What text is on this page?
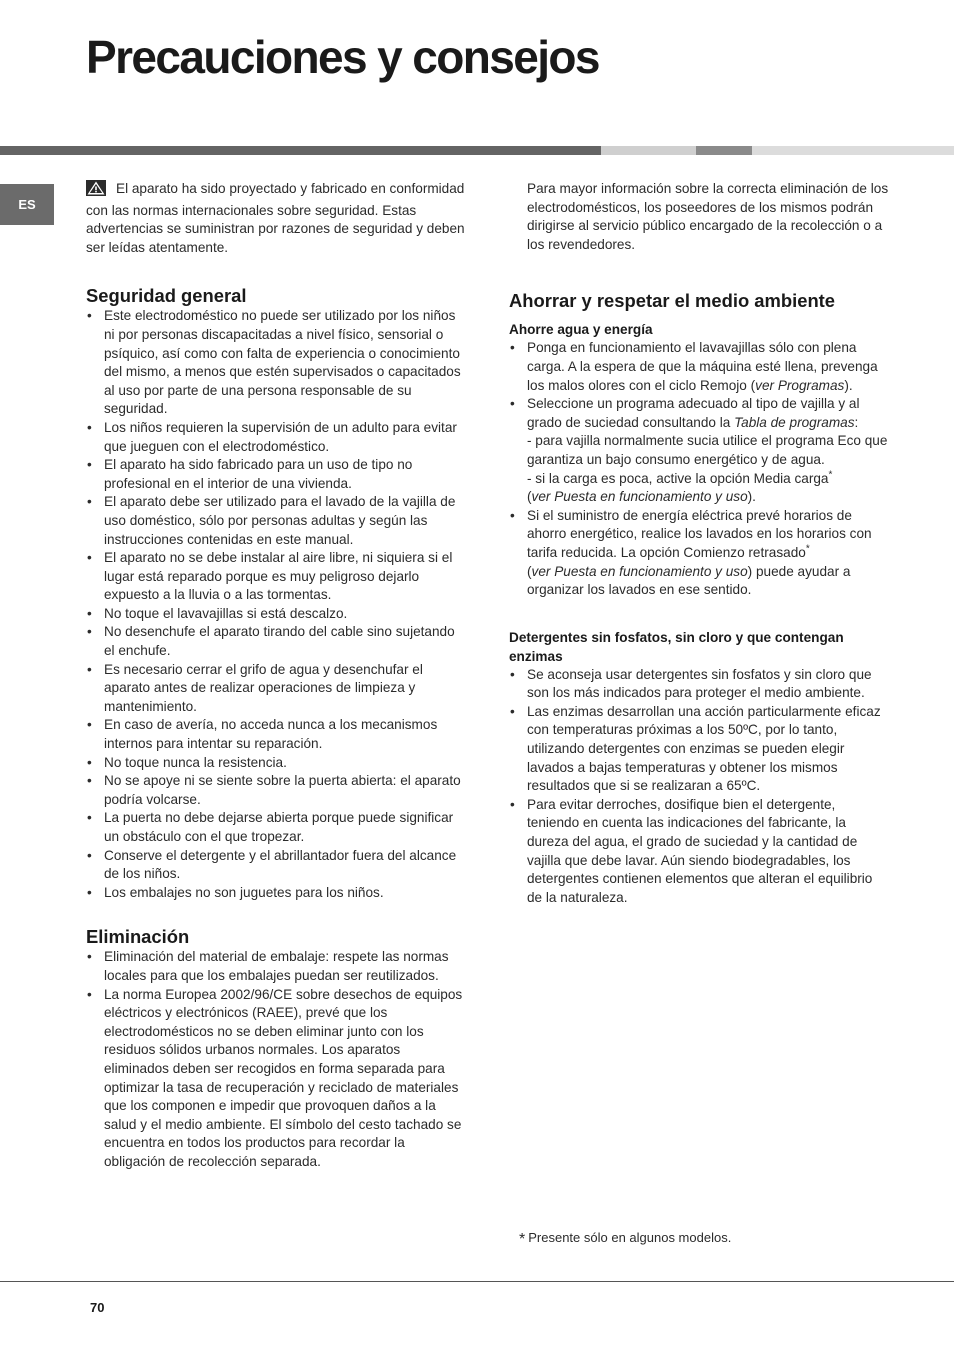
Precauciones y consejos
ES

El aparato ha sido proyectado y fabricado en conformidad con las normas internacionales sobre seguridad. Estas advertencias se suministran por razones de seguridad y deben ser leídas atentamente.

Seguridad general
• Este electrodoméstico no puede ser utilizado por los niños ni por personas discapacitadas a nivel físico, sensorial o psíquico, así como con falta de experiencia o conocimiento del mismo, a menos que estén supervisados o capacitados al uso por parte de una persona responsable de su seguridad.
• Los niños requieren la supervisión de un adulto para evitar que jueguen con el electrodoméstico.
• El aparato ha sido fabricado para un uso de tipo no profesional en el interior de una vivienda.
• El aparato debe ser utilizado para el lavado de la vajilla de uso doméstico, sólo por personas adultas y según las instrucciones contenidas en este manual.
• El aparato no se debe instalar al aire libre, ni siquiera si el lugar está reparado porque es muy peligroso dejarlo expuesto a la lluvia o a las tormentas.
• No toque el lavavajillas si está descalzo.
• No desenchufe el aparato tirando del cable sino sujetando el enchufe.
• Es necesario cerrar el grifo de agua y desenchufar el aparato antes de realizar operaciones de limpieza y mantenimiento.
• En caso de avería, no acceda nunca a los mecanismos internos para intentar su reparación.
• No toque nunca la resistencia.
• No se apoye ni se siente sobre la puerta abierta: el aparato podría volcarse.
• La puerta no debe dejarse abierta porque puede significar un obstáculo con el que tropezar.
• Conserve el detergente y el abrillantador fuera del alcance de los niños.
• Los embalajes no son juguetes para los niños.
Eliminación
• Eliminación del material de embalaje: respete las normas locales para que los embalajes puedan ser reutilizados.
• La norma Europea 2002/96/CE sobre desechos de equipos eléctricos y electrónicos (RAEE), prevé que los electrodomésticos no se deben eliminar junto con los residuos sólidos urbanos normales. Los aparatos eliminados deben ser recogidos en forma separada para optimizar la tasa de recuperación y reciclado de materiales que los componen e impedir que provoquen daños a la salud y el medio ambiente. El símbolo del cesto tachado se encuentra en todos los productos para recordar la obligación de recolección separada.

Para mayor información sobre la correcta eliminación de los electrodomésticos, los poseedores de los mismos podrán dirigirse al servicio público encargado de la recolección o a los revendedores.

Ahorrar y respetar el medio ambiente
Ahorre agua y energía
• Ponga en funcionamiento el lavavajillas sólo con plena carga. A la espera de que la máquina esté llena, prevenga los malos olores con el ciclo Remojo (ver Programas).
• Seleccione un programa adecuado al tipo de vajilla y al grado de suciedad consultando la Tabla de programas:
- para vajilla normalmente sucia utilice el programa Eco que garantiza un bajo consumo energético y de agua.
- si la carga es poca, active la opción Media carga*
(ver Puesta en funcionamiento y uso).
• Si el suministro de energía eléctrica prevé horarios de ahorro energético, realice los lavados en los horarios con tarifa reducida. La opción Comienzo retrasado*
(ver Puesta en funcionamiento y uso) puede ayudar a organizar los lavados en ese sentido.
Detergentes sin fosfatos, sin cloro y que contengan enzimas
• Se aconseja usar detergentes sin fosfatos y sin cloro que son los más indicados para proteger el medio ambiente.
• Las enzimas desarrollan una acción particularmente eficaz con temperaturas próximas a los 50ºC, por lo tanto, utilizando detergentes con enzimas se pueden elegir lavados a bajas temperaturas y obtener los mismos resultados que si se realizaran a 65ºC.
• Para evitar derroches, dosifique bien el detergente, teniendo en cuenta las indicaciones del fabricante, la dureza del agua, el grado de suciedad y la cantidad de vajilla que debe lavar. Aún siendo biodegradables, los detergentes contienen elementos que alteran el equilibrio de la naturaleza.
* Presente sólo en algunos modelos.
70
